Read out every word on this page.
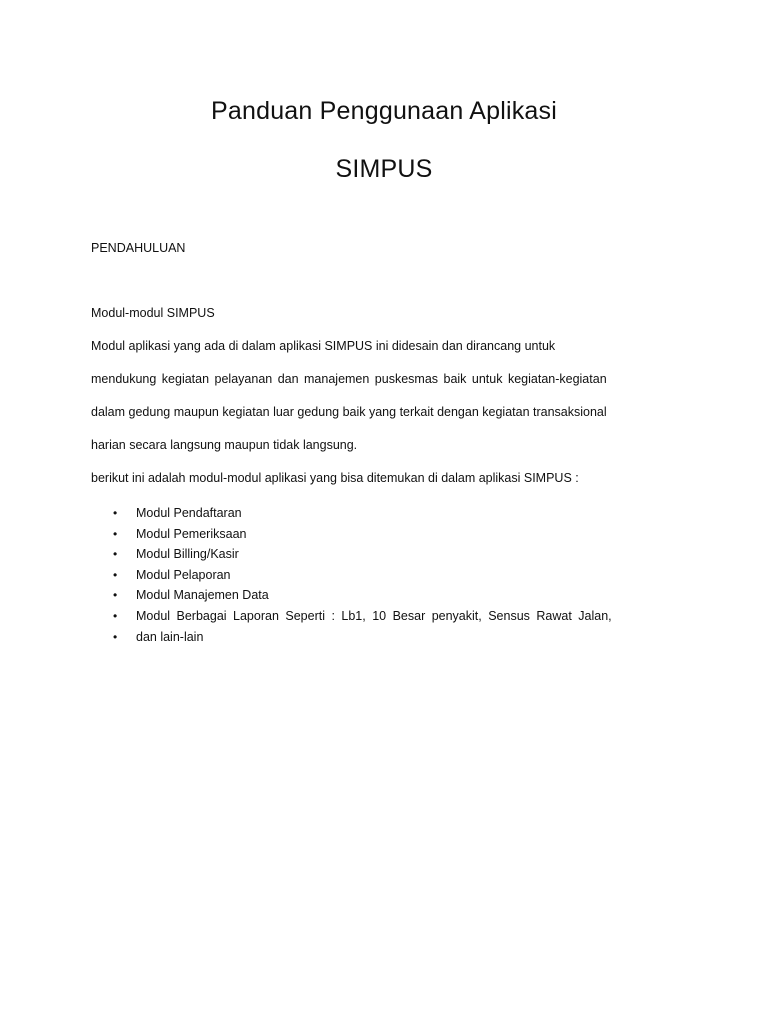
Panduan Penggunaan Aplikasi
SIMPUS

PENDAHULUAN

Modul-modul SIMPUS

Modul aplikasi yang ada di dalam aplikasi SIMPUS ini didesain dan dirancang untuk

mendukung kegiatan pelayanan dan manajemen puskesmas baik untuk kegiatan-kegiatan

dalam gedung maupun kegiatan luar gedung baik yang terkait dengan kegiatan transaksional

harian secara langsung maupun tidak langsung.

berikut ini adalah modul-modul aplikasi yang bisa ditemukan di dalam aplikasi SIMPUS :

• Modul Pendaftaran
• Modul Pemeriksaan
• Modul Billing/Kasir
• Modul Pelaporan
• Modul Manajemen Data
• Modul Berbagai Laporan Seperti : Lb1, 10 Besar penyakit, Sensus Rawat Jalan,
• dan lain-lain
